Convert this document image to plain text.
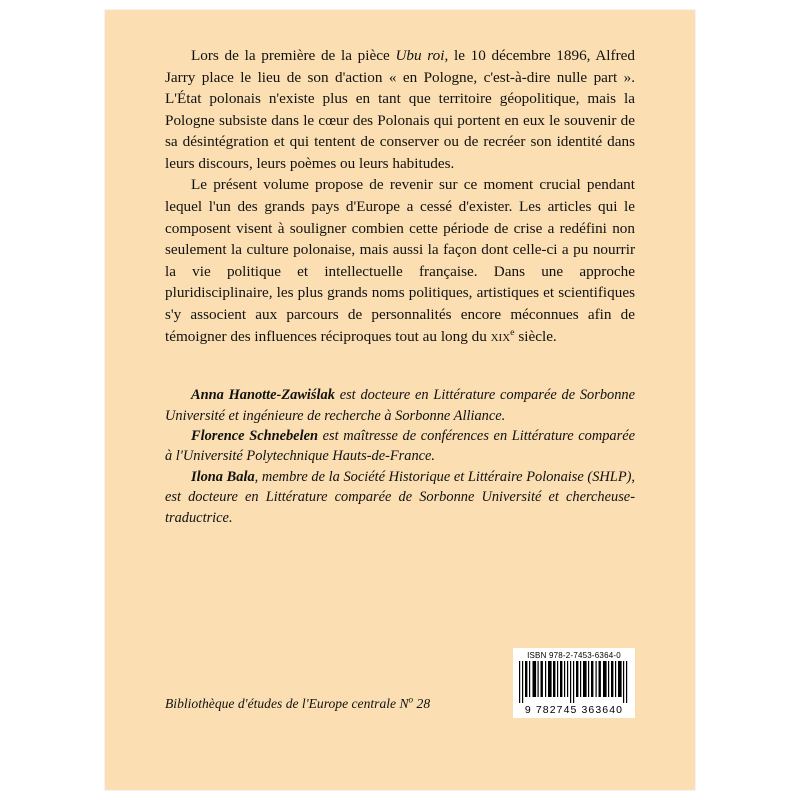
Lors de la première de la pièce Ubu roi, le 10 décembre 1896, Alfred Jarry place le lieu de son d'action « en Pologne, c'est-à-dire nulle part ». L'État polonais n'existe plus en tant que territoire géopolitique, mais la Pologne subsiste dans le cœur des Polonais qui portent en eux le souvenir de sa désintégration et qui tentent de conserver ou de recréer son identité dans leurs discours, leurs poèmes ou leurs habitudes.

Le présent volume propose de revenir sur ce moment crucial pendant lequel l'un des grands pays d'Europe a cessé d'exister. Les articles qui le composent visent à souligner combien cette période de crise a redéfini non seulement la culture polonaise, mais aussi la façon dont celle-ci a pu nourrir la vie politique et intellectuelle française. Dans une approche pluridisciplinaire, les plus grands noms politiques, artistiques et scientifiques s'y associent aux parcours de personnalités encore méconnues afin de témoigner des influences réciproques tout au long du xix$^e$ siècle.

Anna Hanotte-Zawiślak est docteure en Littérature comparée de Sorbonne Université et ingénieure de recherche à Sorbonne Alliance.

Florence Schnebelen est maîtresse de conférences en Littérature comparée à l'Université Polytechnique Hauts-de-France.

Ilona Bala, membre de la Société Historique et Littéraire Polonaise (SHLP), est docteure en Littérature comparée de Sorbonne Université et chercheuse-traductrice.

Bibliothèque d'études de l'Europe centrale $N^o$ 28
ISBN 978-2-7453-6364-0
9 782745 363640
